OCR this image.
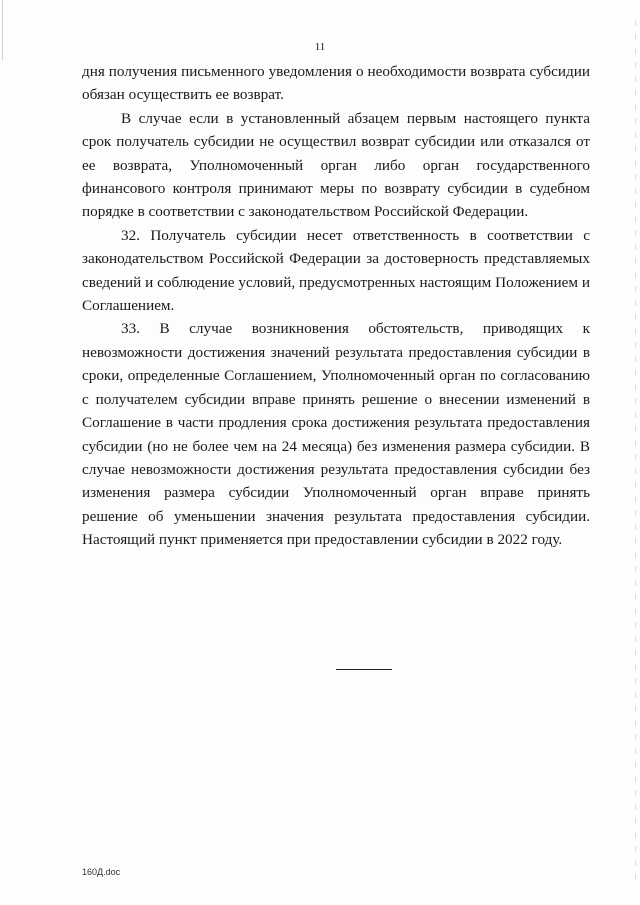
11

дня получения письменного уведомления о необходимости возврата субсидии обязан осуществить ее возврат.

В случае если в установленный абзацем первым настоящего пункта срок получатель субсидии не осуществил возврат субсидии или отказался от ее возврата, Уполномоченный орган либо орган государственного финансового контроля принимают меры по возврату субсидии в судебном порядке в соответствии с законодательством Российской Федерации.

32. Получатель субсидии несет ответственность в соответствии с законодательством Российской Федерации за достоверность представляемых сведений и соблюдение условий, предусмотренных настоящим Положением и Соглашением.

33. В случае возникновения обстоятельств, приводящих к невозможности достижения значений результата предоставления субсидии в сроки, определенные Соглашением, Уполномоченный орган по согласованию с получателем субсидии вправе принять решение о внесении изменений в Соглашение в части продления срока достижения результата предоставления субсидии (но не более чем на 24 месяца) без изменения размера субсидии. В случае невозможности достижения результата предоставления субсидии без изменения размера субсидии Уполномоченный орган вправе принять решение об уменьшении значения результата предоставления субсидии. Настоящий пункт применяется при предоставлении субсидии в 2022 году.

160Д.doc
